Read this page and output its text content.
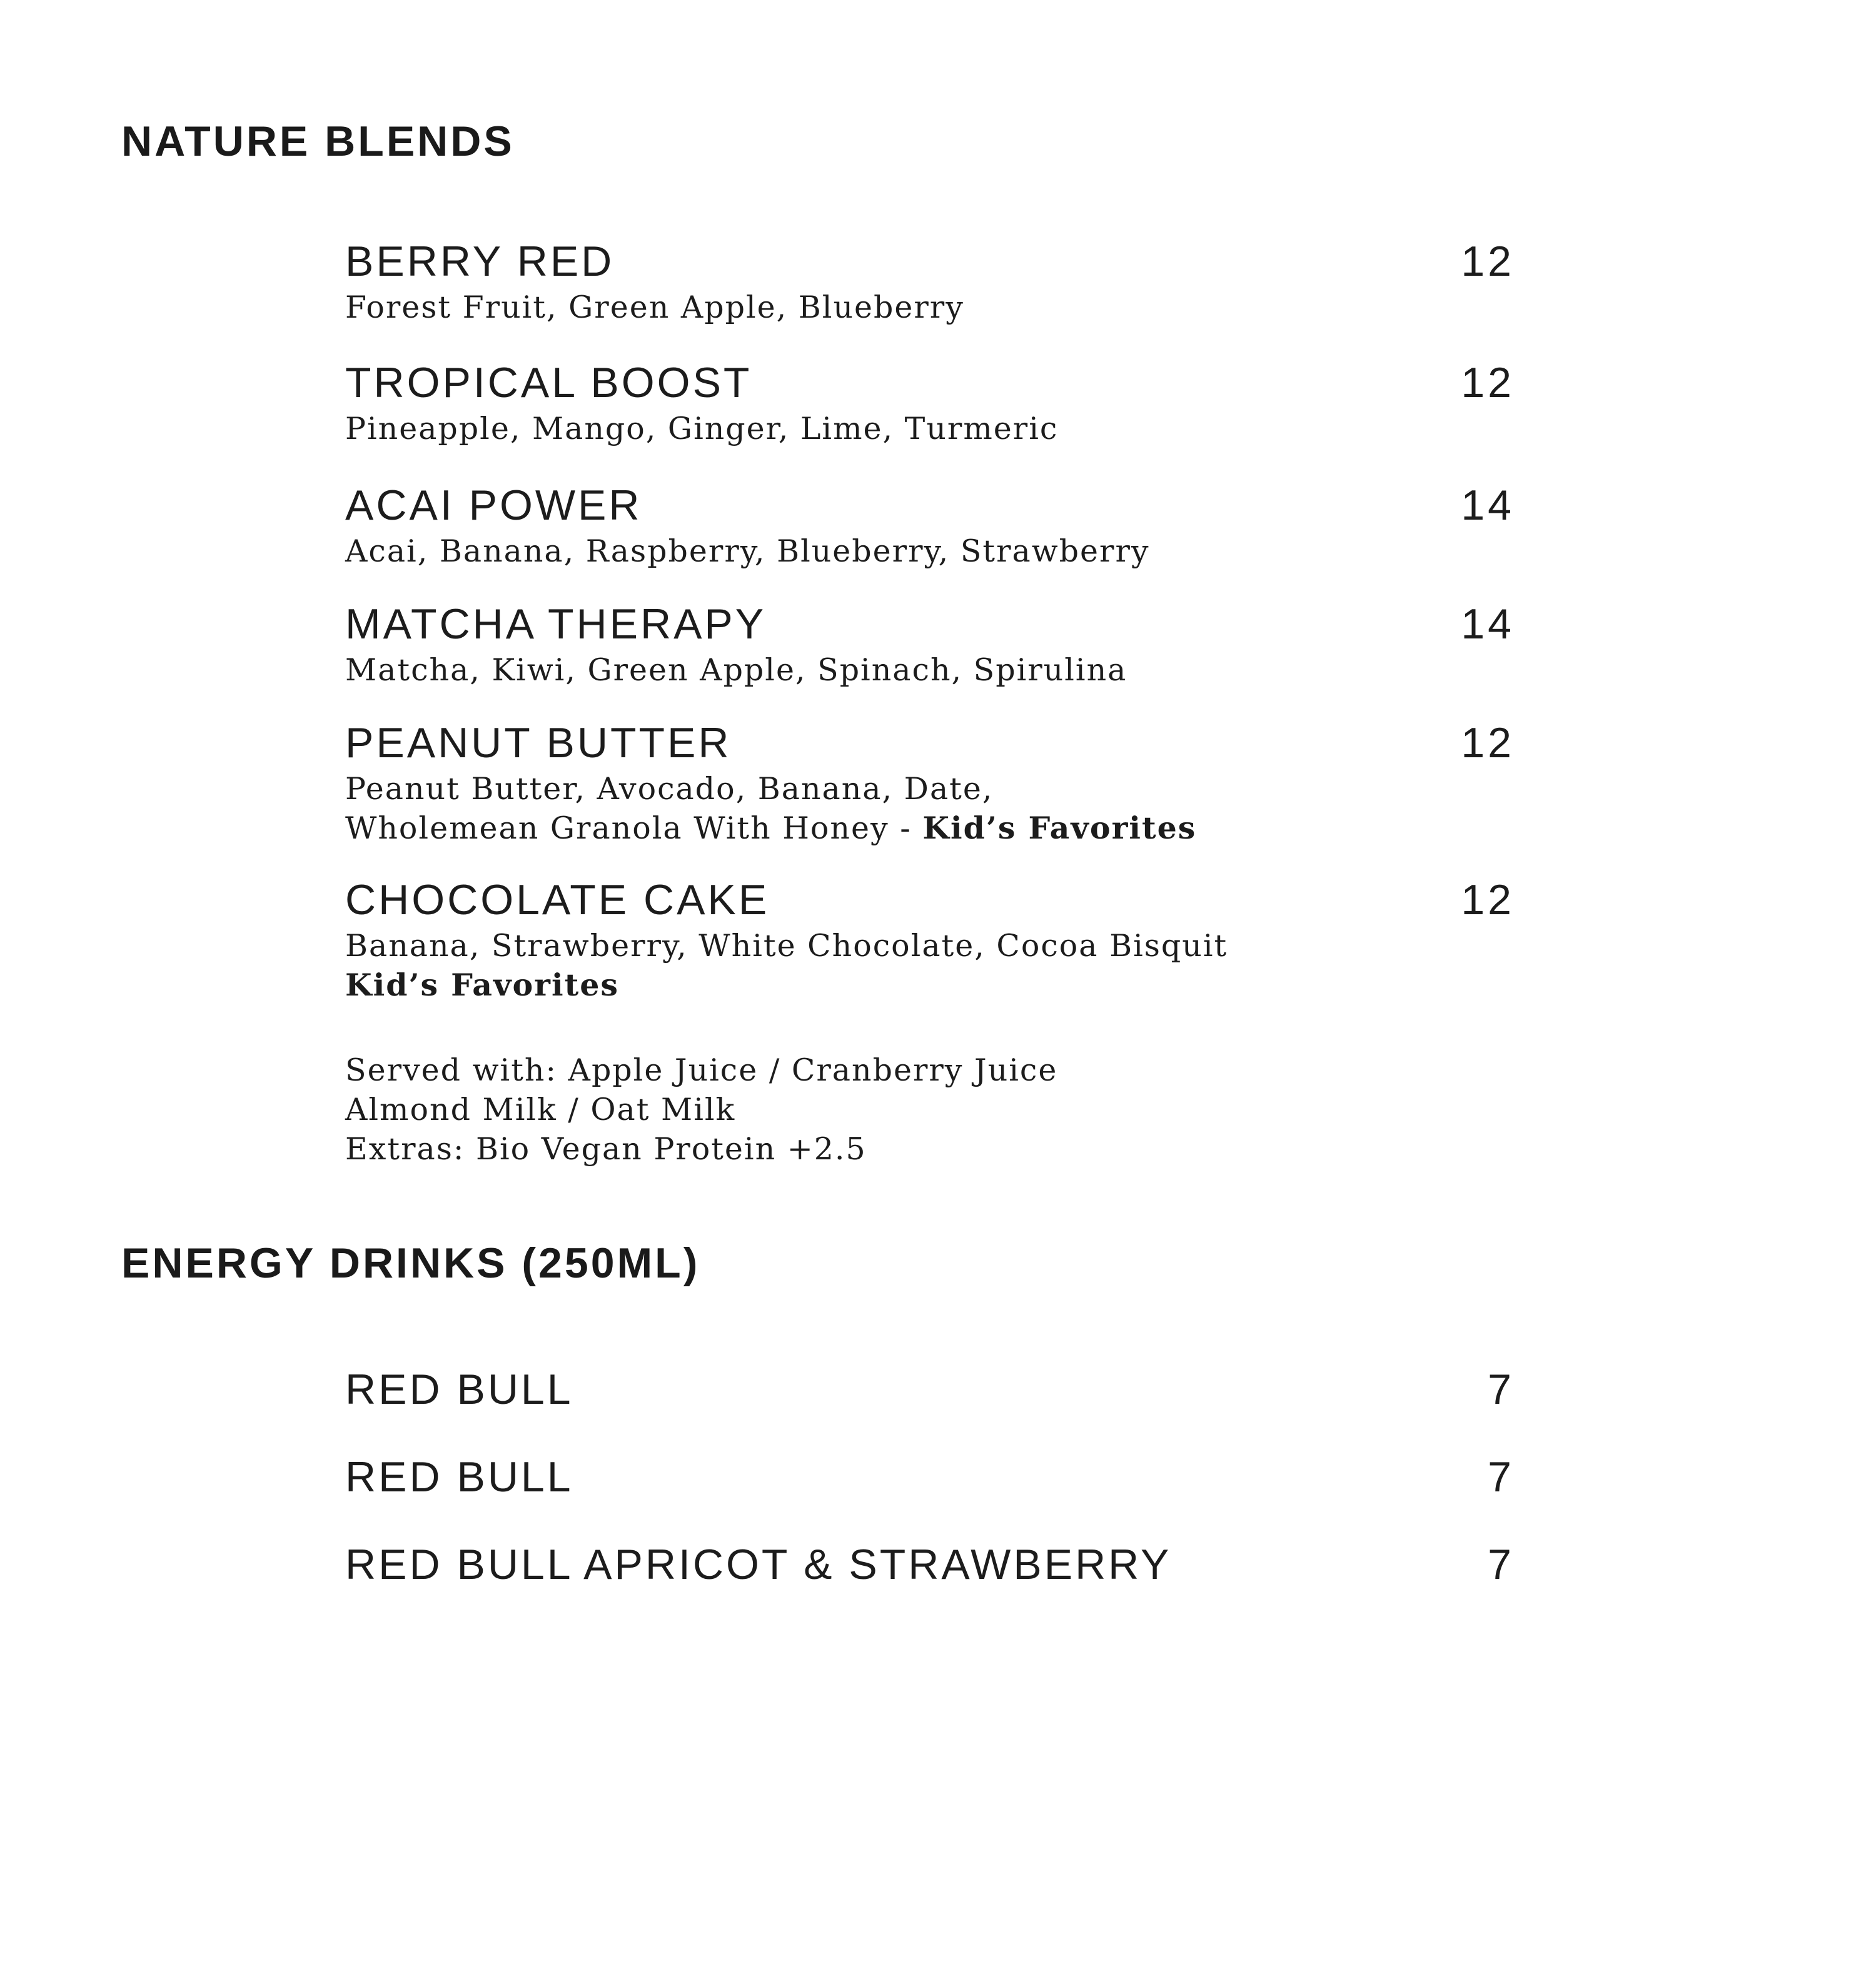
NATURE BLENDS
BERRY RED	12
Forest Fruit, Green Apple, Blueberry
TROPICAL BOOST	12
Pineapple, Mango, Ginger, Lime, Turmeric
ACAI POWER	14
Acai, Banana, Raspberry, Blueberry, Strawberry
MATCHA THERAPY	14
Matcha, Kiwi, Green Apple, Spinach, Spirulina
PEANUT BUTTER	12
Peanut Butter, Avocado, Banana, Date,
Wholemean Granola With Honey - Kid’s Favorites
CHOCOLATE CAKE	12
Banana, Strawberry, White Chocolate, Cocoa Bisquit
Kid’s Favorites
Served with: Apple Juice / Cranberry Juice
Almond Milk / Oat Milk
Extras: Bio Vegan Protein +2.5
ENERGY DRINKS (250ML)
RED BULL	7
RED BULL	7
RED BULL APRICOT & STRAWBERRY	7
